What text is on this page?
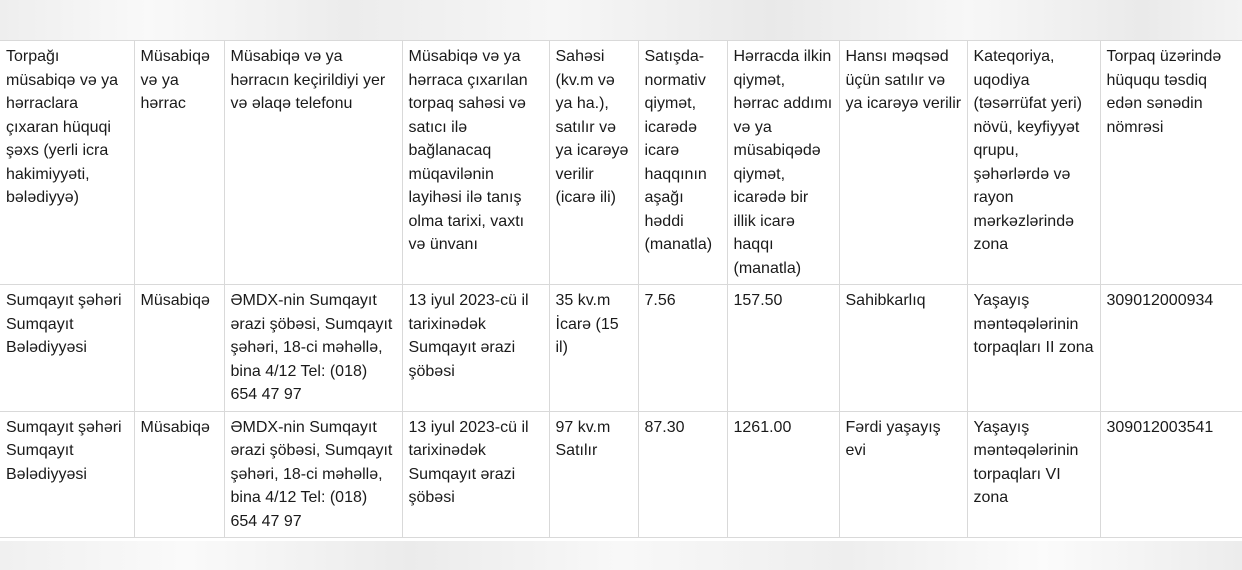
Torpağı müsabiqə və ya hərraclara çıxaran hüquqi şəxs (yerli icra hakimiyyəti, bələdiyyə)	Müsabiqə və ya hərrac	Müsabiqə və ya hərracın keçirildiyi yer və əlaqə telefonu	Müsabiqə və ya hərraca çıxarılan torpaq sahəsi və satıcı ilə bağlanacaq müqavilənin layihəsi ilə tanış olma tarixi, vaxtı və ünvanı	Sahəsi (kv.m və ya ha.), satılır və ya icarəyə verilir (icarə ili)	Satışda-normativ qiymət, icarədə icarə haqqının aşağı həddi (manatla)	Hərracda ilkin qiymət, hərrac addımı və ya müsabiqədə qiymət, icarədə bir illik icarə haqqı (manatla)	Hansı məqsəd üçün satılır və ya icarəyə verilir	Kateqoriya, uqodiya (təsərrüfat yeri) növü, keyfiyyət qrupu, şəhərlərdə və rayon mərkəzlərində zona	Torpaq üzərində hüququ təsdiq edən sənədin nömrəsi
Sumqayıt şəhəri Sumqayıt Bələdiyyəsi	Müsabiqə	ƏMDX-nin Sumqayıt ərazi şöbəsi, Sumqayıt şəhəri, 18-ci məhəllə, bina 4/12 Tel: (018) 654 47 97	13 iyul 2023-cü il tarixinədək Sumqayıt ərazi şöbəsi	35 kv.m İcarə (15 il)	7.56	157.50	Sahibkarlıq	Yaşayış məntəqələrinin torpaqları II zona	309012000934
Sumqayıt şəhəri Sumqayıt Bələdiyyəsi	Müsabiqə	ƏMDX-nin Sumqayıt ərazi şöbəsi, Sumqayıt şəhəri, 18-ci məhəllə, bina 4/12 Tel: (018) 654 47 97	13 iyul 2023-cü il tarixinədək Sumqayıt ərazi şöbəsi	97 kv.m Satılır	87.30	1261.00	Fərdi yaşayış evi	Yaşayış məntəqələrinin torpaqları VI zona	309012003541
